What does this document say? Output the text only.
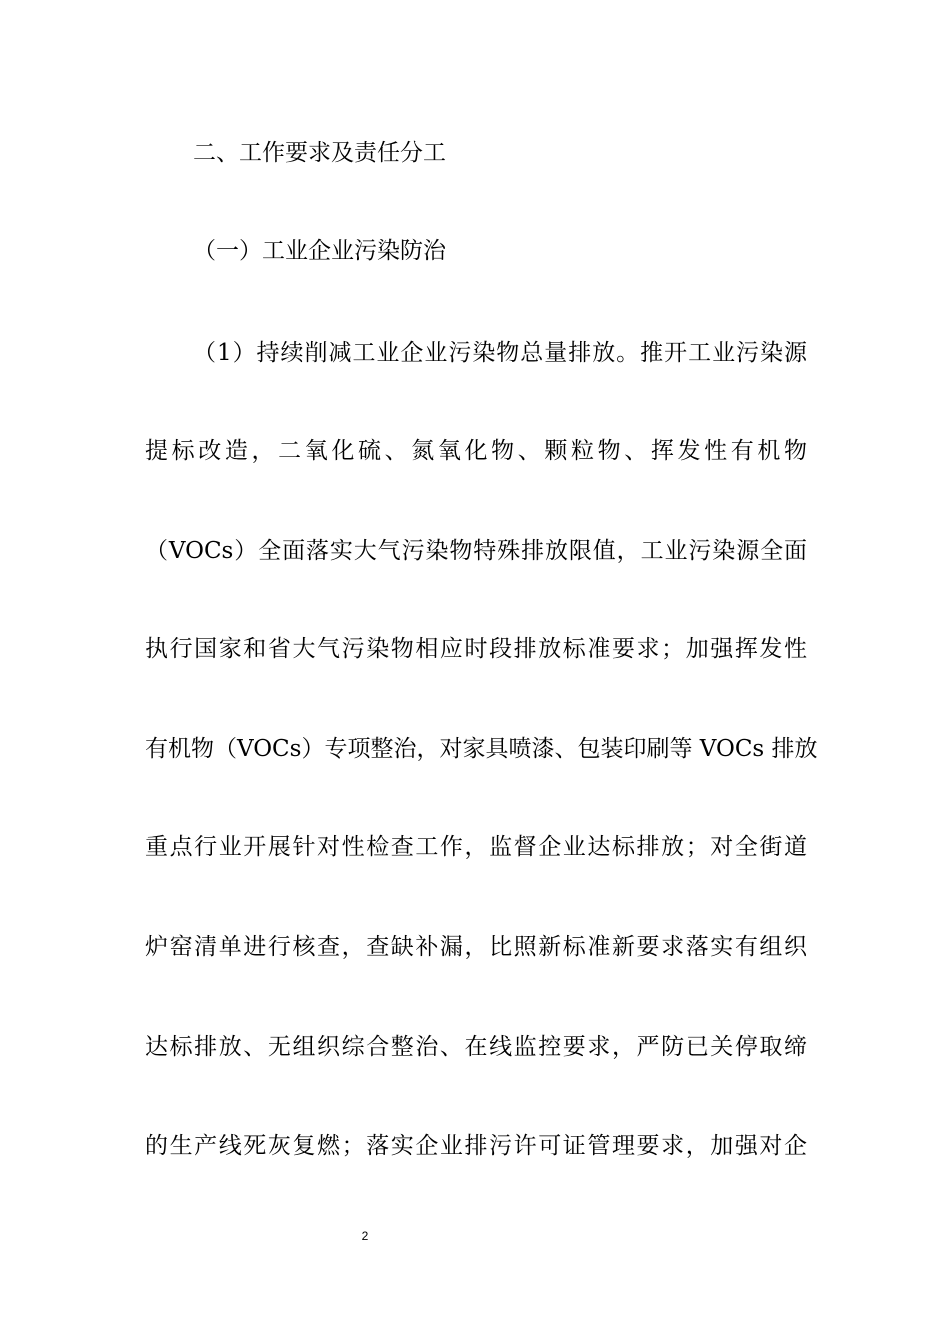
二、工作要求及责任分工
（一）工业企业污染防治
（1）持续削减工业企业污染物总量排放。推开工业污染源
提标改造，二氧化硫、氮氧化物、颗粒物、挥发性有机物
（VOCs）全面落实大气污染物特殊排放限值，工业污染源全面
执行国家和省大气污染物相应时段排放标准要求；加强挥发性
有机物（VOCs）专项整治，对家具喷漆、包装印刷等 VOCs 排放
重点行业开展针对性检查工作，监督企业达标排放；对全街道
炉窑清单进行核查，查缺补漏，比照新标准新要求落实有组织
达标排放、无组织综合整治、在线监控要求，严防已关停取缔
的生产线死灰复燃；落实企业排污许可证管理要求，加强对企
2
